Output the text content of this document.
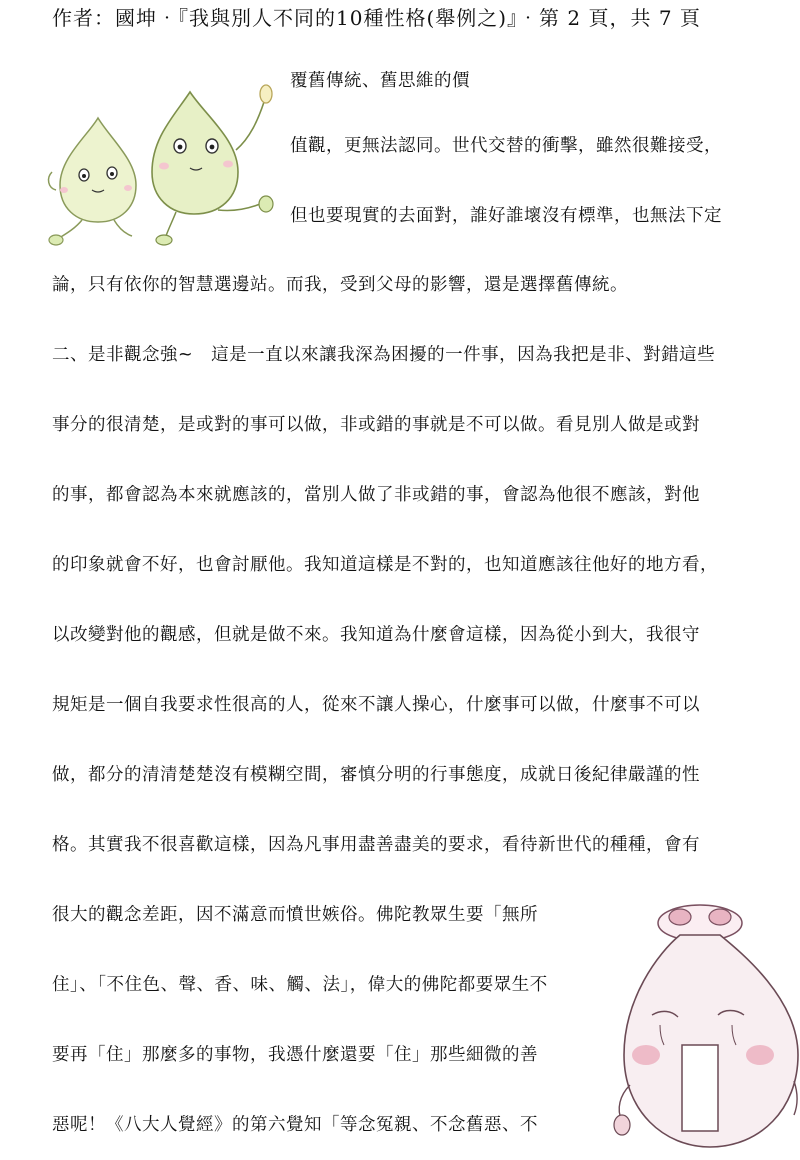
作者：國坤‧『我與別人不同的10種性格(舉例之)』‧第 2 頁，共 7 頁
覆舊傳統、舊思維的價
值觀，更無法認同。世代交替的衝擊，雖然很難接受，
但也要現實的去面對，誰好誰壞沒有標準，也無法下定
論，只有依你的智慧選邊站。而我，受到父母的影響，還是選擇舊傳統。
二、是非觀念強~　這是一直以來讓我深為困擾的一件事，因為我把是非、對錯這些
事分的很清楚，是或對的事可以做，非或錯的事就是不可以做。看見別人做是或對
的事，都會認為本來就應該的，當別人做了非或錯的事，會認為他很不應該，對他
的印象就會不好，也會討厭他。我知道這樣是不對的，也知道應該往他好的地方看，
以改變對他的觀感，但就是做不來。我知道為什麼會這樣，因為從小到大，我很守
規矩是一個自我要求性很高的人，從來不讓人操心，什麼事可以做，什麼事不可以
做，都分的清清楚楚沒有模糊空間，審慎分明的行事態度，成就日後紀律嚴謹的性
格。其實我不很喜歡這樣，因為凡事用盡善盡美的要求，看待新世代的種種，會有
很大的觀念差距，因不滿意而憤世嫉俗。佛陀教眾生要「無所
住」、「不住色、聲、香、味、觸、法」，偉大的佛陀都要眾生不
要再「住」那麼多的事物，我憑什麼還要「住」那些細微的善
惡呢！《八大人覺經》的第六覺知「等念冤親、不念舊惡、不
